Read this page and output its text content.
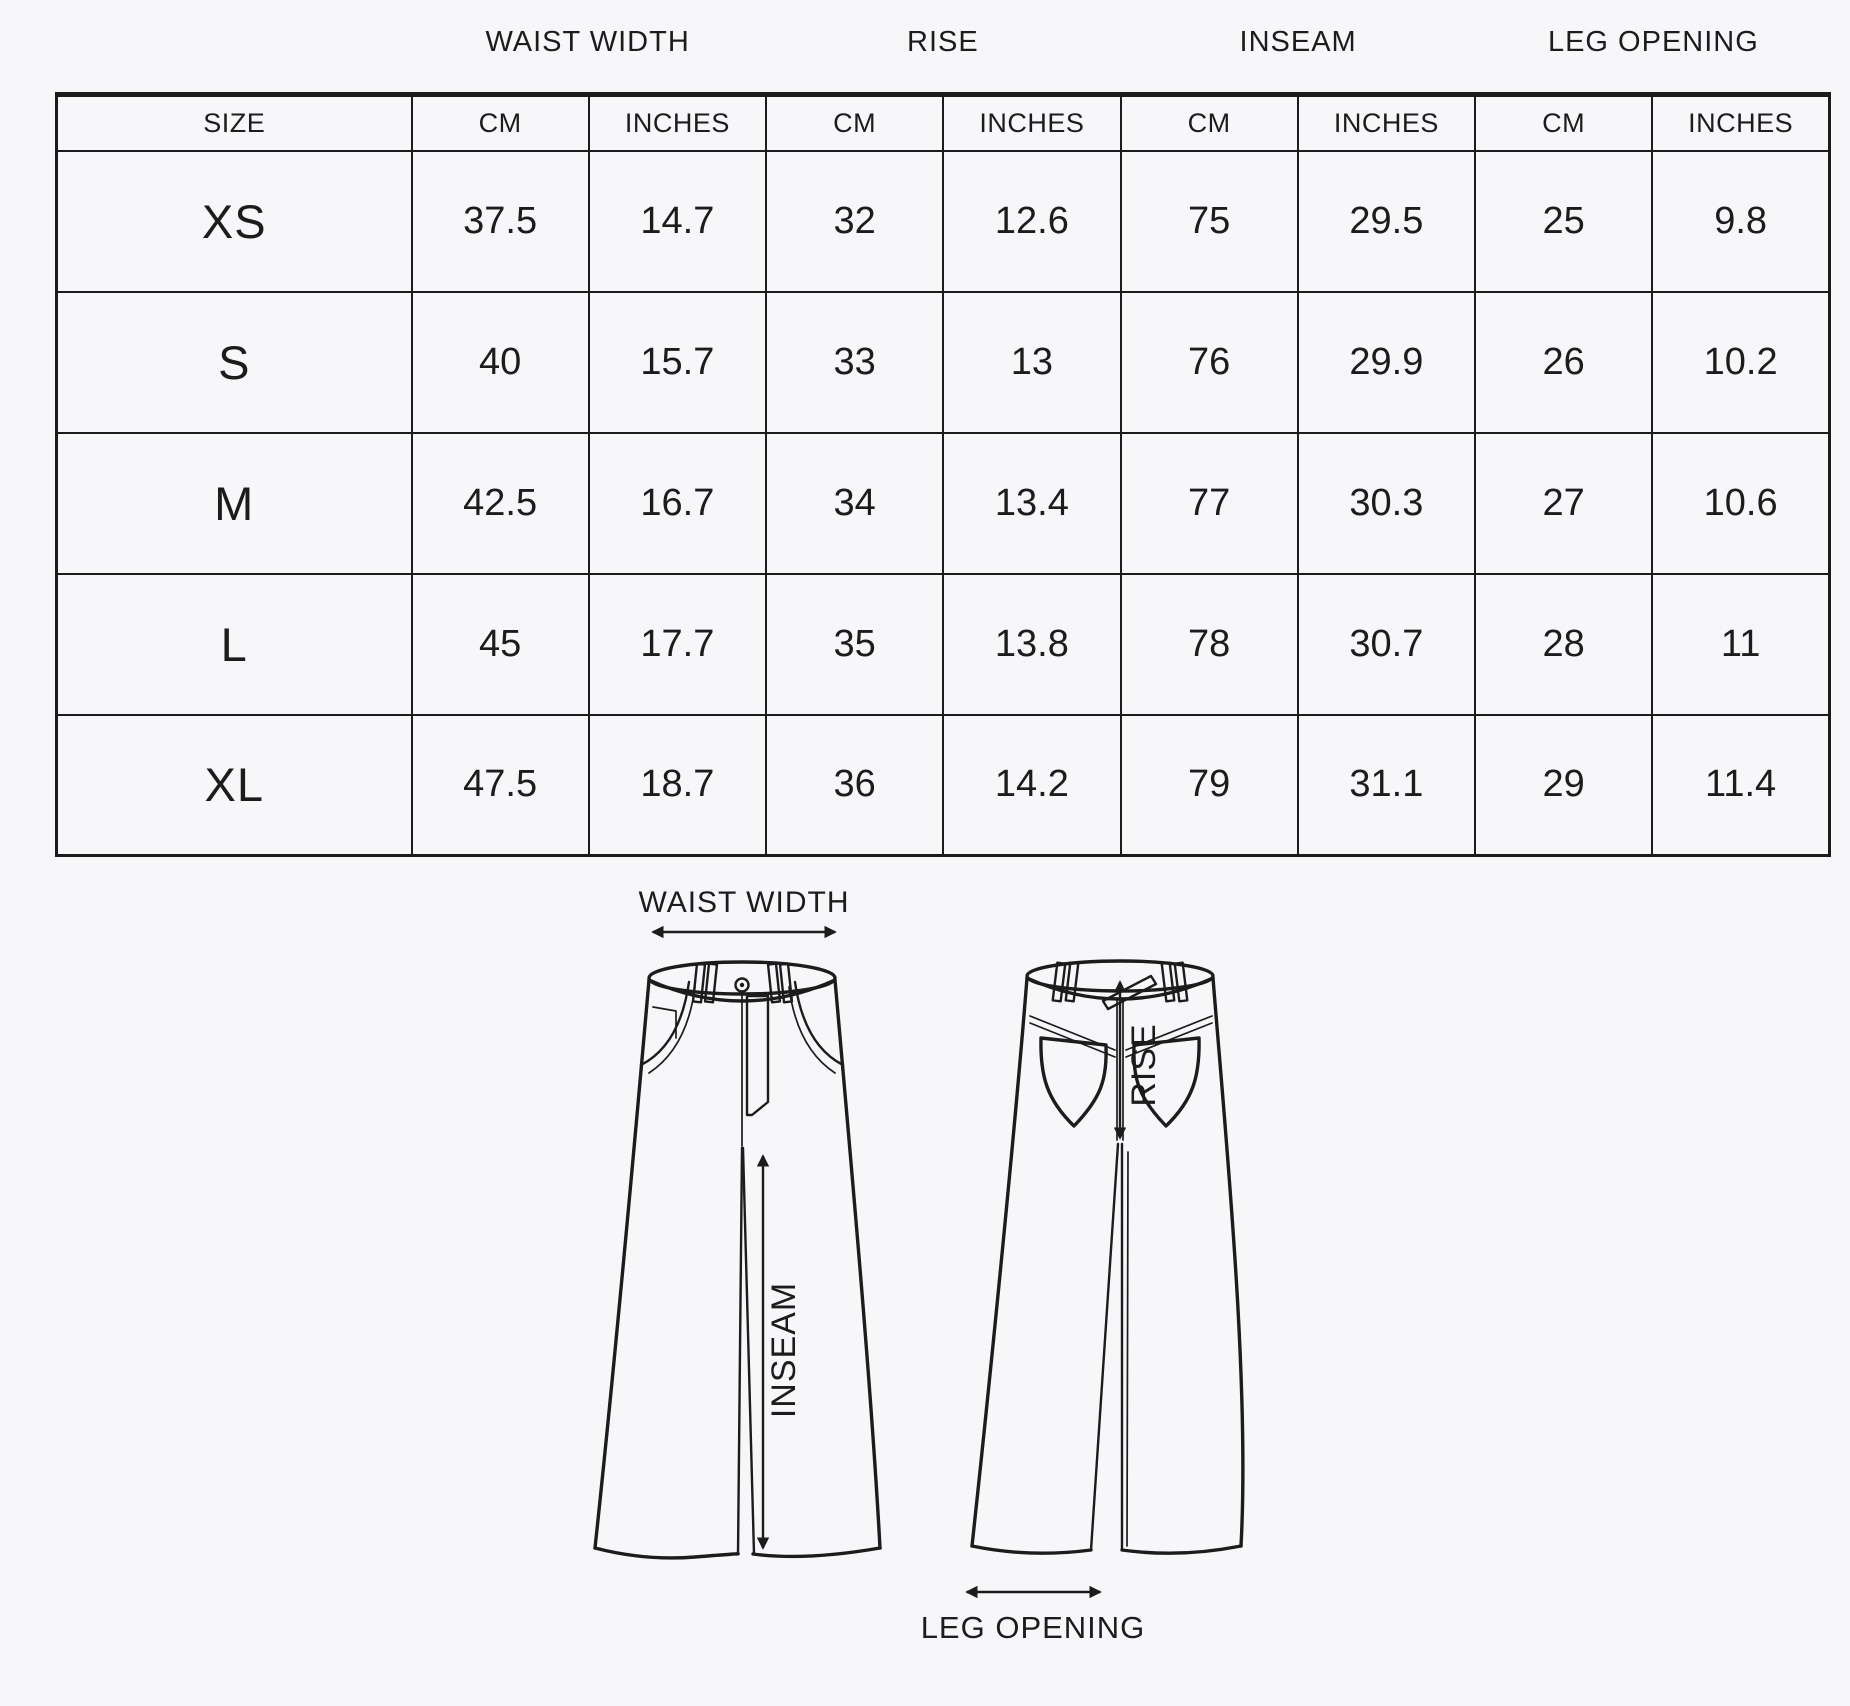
WAIST WIDTH	RISE	INSEAM	LEG OPENING
SIZE	CM	INCHES	CM	INCHES	CM	INCHES	CM	INCHES
XS	37.5	14.7	32	12.6	75	29.5	25	9.8
S	40	15.7	33	13	76	29.9	26	10.2
M	42.5	16.7	34	13.4	77	30.3	27	10.6
L	45	17.7	35	13.8	78	30.7	28	11
XL	47.5	18.7	36	14.2	79	31.1	29	11.4
WAIST WIDTH
INSEAM
RISE
LEG OPENING
